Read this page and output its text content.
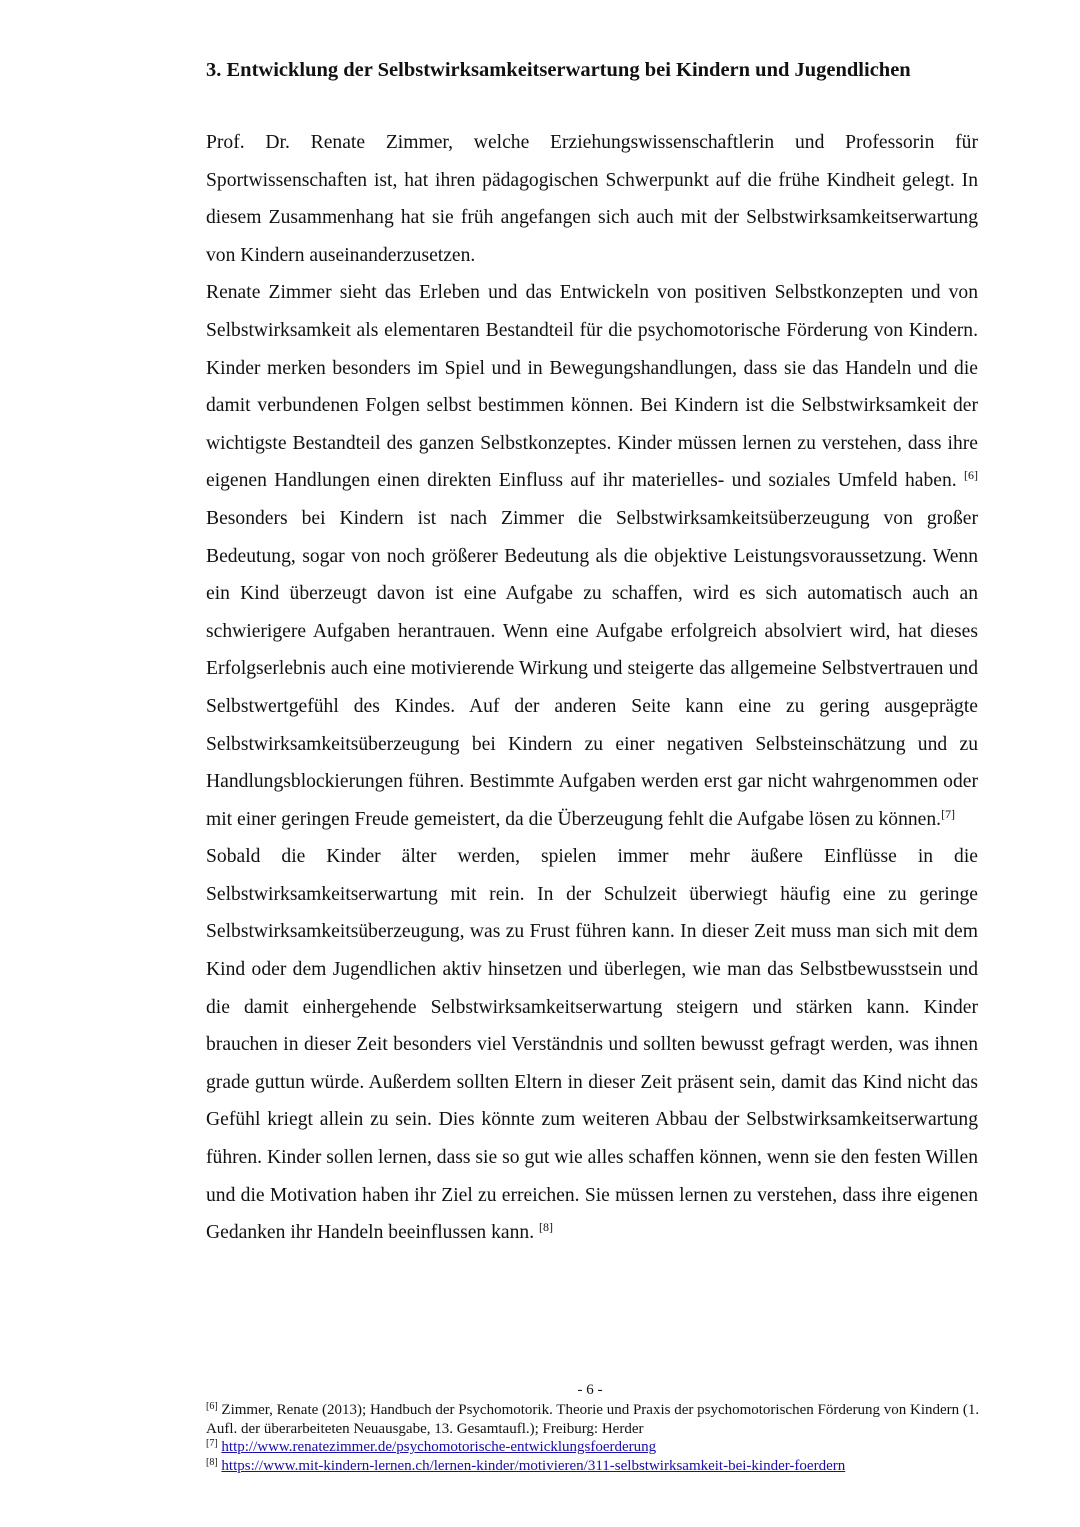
3. Entwicklung der Selbstwirksamkeitserwartung bei Kindern und Jugendlichen

Prof. Dr. Renate Zimmer, welche Erziehungswissenschaftlerin und Professorin für Sportwissenschaften ist, hat ihren pädagogischen Schwerpunkt auf die frühe Kindheit gelegt. In diesem Zusammenhang hat sie früh angefangen sich auch mit der Selbstwirksamkeitserwartung von Kindern auseinanderzusetzen.

Renate Zimmer sieht das Erleben und das Entwickeln von positiven Selbstkonzepten und von Selbstwirksamkeit als elementaren Bestandteil für die psychomotorische Förderung von Kindern. Kinder merken besonders im Spiel und in Bewegungshandlungen, dass sie das Handeln und die damit verbundenen Folgen selbst bestimmen können. Bei Kindern ist die Selbstwirksamkeit der wichtigste Bestandteil des ganzen Selbstkonzeptes. Kinder müssen lernen zu verstehen, dass ihre eigenen Handlungen einen direkten Einfluss auf ihr materielles- und soziales Umfeld haben. [6] Besonders bei Kindern ist nach Zimmer die Selbstwirksamkeitsüberzeugung von großer Bedeutung, sogar von noch größerer Bedeutung als die objektive Leistungsvoraussetzung. Wenn ein Kind überzeugt davon ist eine Aufgabe zu schaffen, wird es sich automatisch auch an schwierigere Aufgaben herantrauen. Wenn eine Aufgabe erfolgreich absolviert wird, hat dieses Erfolgserlebnis auch eine motivierende Wirkung und steigerte das allgemeine Selbstvertrauen und Selbstwertgefühl des Kindes. Auf der anderen Seite kann eine zu gering ausgeprägte Selbstwirksamkeitsüberzeugung bei Kindern zu einer negativen Selbsteinschätzung und zu Handlungsblockierungen führen. Bestimmte Aufgaben werden erst gar nicht wahrgenommen oder mit einer geringen Freude gemeistert, da die Überzeugung fehlt die Aufgabe lösen zu können.[7]

Sobald die Kinder älter werden, spielen immer mehr äußere Einflüsse in die Selbstwirksamkeitserwartung mit rein. In der Schulzeit überwiegt häufig eine zu geringe Selbstwirksamkeitsüberzeugung, was zu Frust führen kann. In dieser Zeit muss man sich mit dem Kind oder dem Jugendlichen aktiv hinsetzen und überlegen, wie man das Selbstbewusstsein und die damit einhergehende Selbstwirksamkeitserwartung steigern und stärken kann. Kinder brauchen in dieser Zeit besonders viel Verständnis und sollten bewusst gefragt werden, was ihnen grade guttun würde. Außerdem sollten Eltern in dieser Zeit präsent sein, damit das Kind nicht das Gefühl kriegt allein zu sein. Dies könnte zum weiteren Abbau der Selbstwirksamkeitserwartung führen. Kinder sollen lernen, dass sie so gut wie alles schaffen können, wenn sie den festen Willen und die Motivation haben ihr Ziel zu erreichen. Sie müssen lernen zu verstehen, dass ihre eigenen Gedanken ihr Handeln beeinflussen kann. [8]

- 6 -

[6] Zimmer, Renate (2013); Handbuch der Psychomotorik. Theorie und Praxis der psychomotorischen Förderung von Kindern (1. Aufl. der überarbeiteten Neuausgabe, 13. Gesamtaufl.); Freiburg: Herder

[7] http://www.renatezimmer.de/psychomotorische-entwicklungsfoerderung

[8] https://www.mit-kindern-lernen.ch/lernen-kinder/motivieren/311-selbstwirksamkeit-bei-kinder-foerdern
